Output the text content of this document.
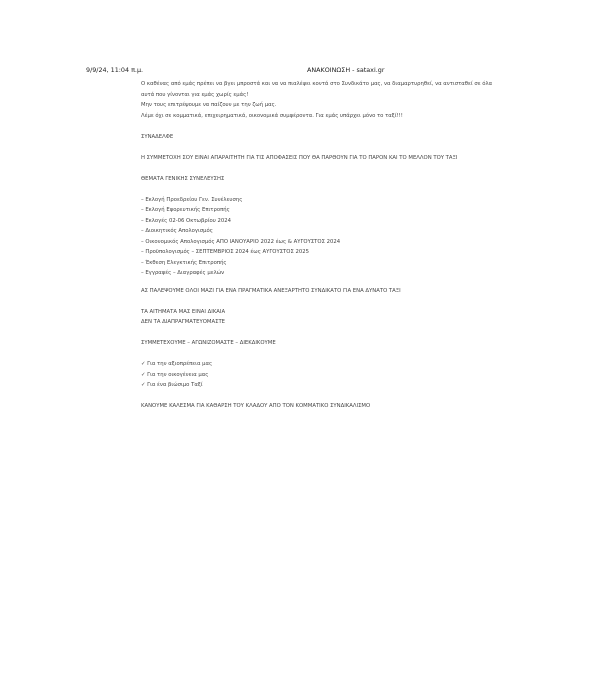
9/9/24, 11:04 π.μ.	ΑΝΑΚΟΙΝΩΣΗ - sataxi.gr
Ο καθένας από εμάς πρέπει να βγει μπροστά και να να πιαλέψει κοντά στο Συνδικάτο μας, να διαμαρτυρηθεί, να αντισταθεί σε όλα
αυτά που γίνονται για εμάς χωρίς εμάς!
Μην τους επιτρέψουμε να παίζουν με την ζωή μας.
Λέμε όχι σε κομματικά, επιχειρηματικά, οικονομικά συμφέροντα. Για εμάς υπάρχει μόνο το ταξί!!!
ΣΥΝΑΔΕΛΦΕ
Η ΣΥΜΜΕΤΟΧΗ ΣΟΥ ΕΙΝΑΙ ΑΠΑΡΑΙΤΗΤΗ ΓΙΑ ΤΙΣ ΑΠΟΦΑΣΕΙΣ ΠΟΥ ΘΑ ΠΑΡΘΟΥΝ ΓΙΑ ΤΟ ΠΑΡΟΝ ΚΑΙ ΤΟ ΜΕΛΛΟΝ ΤΟΥ ΤΑΞΙ
ΘΕΜΑΤΑ ΓΕΝΙΚΗΣ ΣΥΝΕΛΕΥΣΗΣ
– Εκλογή Προεδρείου Γεν. Συνέλευσης
– Εκλογή Εφορευτικής Επιτροπής
– Εκλογές 02-06 Οκτωβρίου 2024
– Διοικητικός Απολογισμός
– Οικονομικός Απολογισμός ΑΠΟ ΙΑΝΟΥΑΡΙΟ 2022 έως & ΑΥΓΟΥΣΤΟΣ 2024
– Προϋπολογισμός – ΣΕΠΤΕΜΒΡΙΟΣ 2024 έως ΑΥΓΟΥΣΤΟΣ 2025
– Έκθεση Ελεγκτικής Επιτροπής
– Εγγραφές – Διαγραφές μελών
ΑΣ ΠΑΛΕΨΟΥΜΕ ΟΛΟΙ ΜΑΖΙ ΓΙΑ ΕΝΑ ΠΡΑΓΜΑΤΙΚΑ ΑΝΕΞΑΡΤΗΤΟ ΣΥΝΔΙΚΑΤΟ ΓΙΑ ΕΝΑ ΔΥΝΑΤΟ ΤΑΞΙ
ΤΑ ΑΙΤΗΜΑΤΑ ΜΑΣ ΕΙΝΑΙ ΔΙΚΑΙΑ
ΔΕΝ ΤΑ ΔΙΑΠΡΑΓΜΑΤΕΥΟΜΑΣΤΕ
ΣΥΜΜΕΤΕΧΟΥΜΕ – ΑΓΩΝΙΖΟΜΑΣΤΕ – ΔΙΕΚΔΙΚΟΥΜΕ
✓ Για την αξιοπρέπεια μας
✓ Για την οικογένεια μας
✓ Για ένα βιώσιμο Ταξί
ΚΑΝΟΥΜΕ ΚΑΛΕΣΜΑ ΓΙΑ ΚΑΘΑΡΣΗ ΤΟΥ ΚΛΑΔΟΥ ΑΠΟ ΤΟΝ ΚΟΜΜΑΤΙΚΟ ΣΥΝΔΙΚΑΛΙΣΜΟ
